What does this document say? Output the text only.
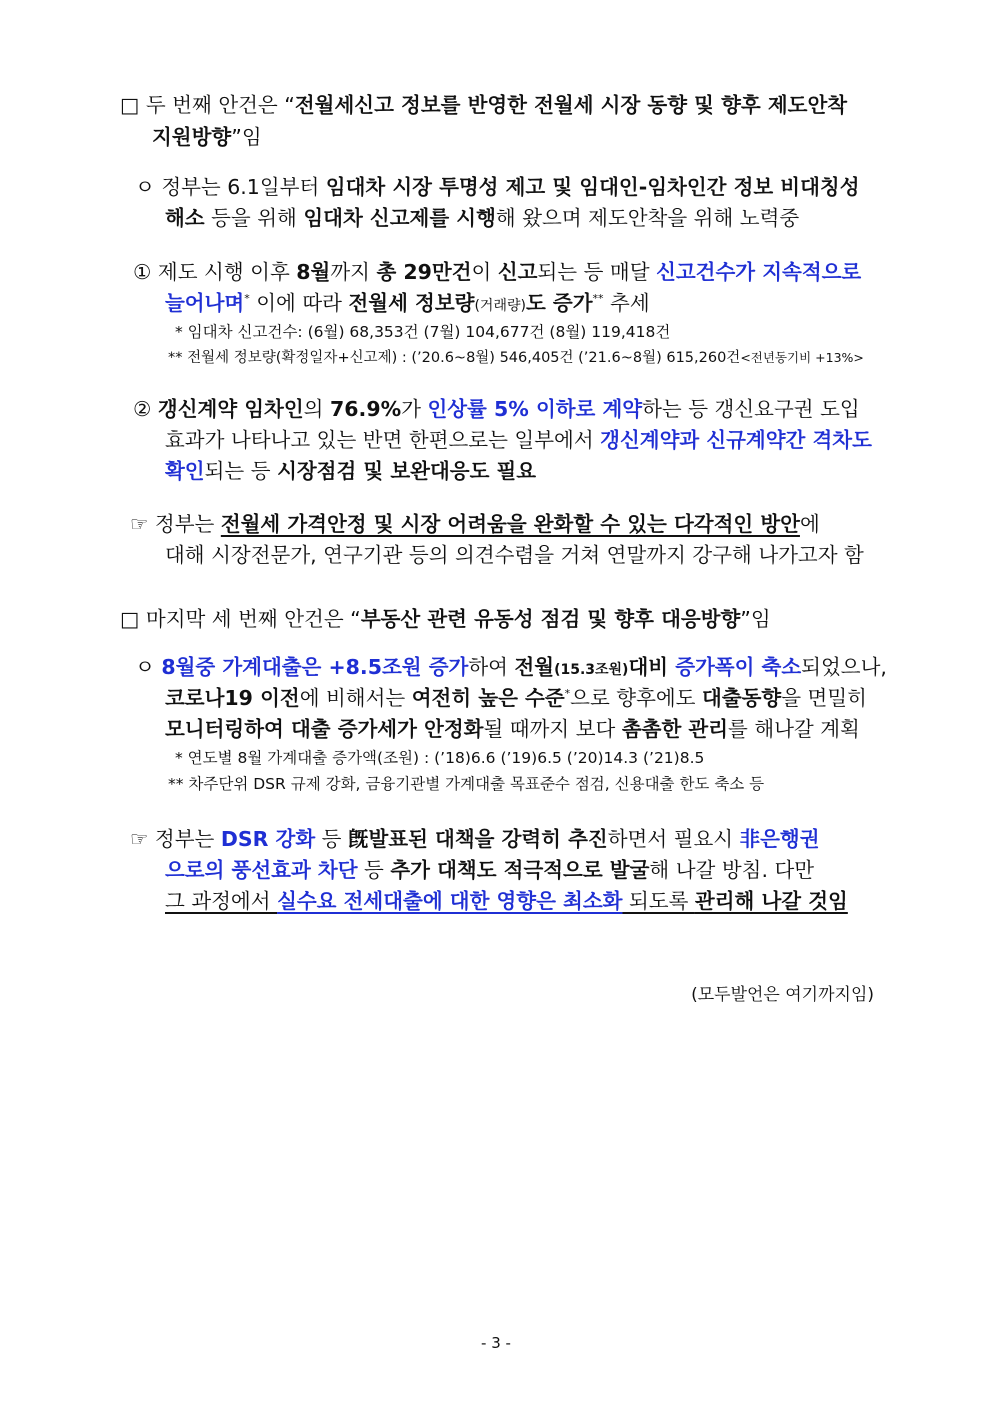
□ 두 번째 안건은 “전월세신고 정보를 반영한 전월세 시장 동향 및 향후 제도안착
지원방향”임
ㅇ 정부는 6.1일부터 임대차 시장 투명성 제고 및 임대인-임차인간 정보 비대칭성
해소 등을 위해 임대차 신고제를 시행해 왔으며 제도안착을 위해 노력중
① 제도 시행 이후 8월까지 총 29만건이 신고되는 등 매달 신고건수가 지속적으로
늘어나며* 이에 따라 전월세 정보량(거래량)도 증가** 추세
* 임대차 신고건수: (6월) 68,353건 (7월) 104,677건 (8월) 119,418건
** 전월세 정보량(확정일자+신고제) : (’20.6~8월) 546,405건 (’21.6~8월) 615,260건<전년동기비 +13%>
② 갱신계약 임차인의 76.9%가 인상률 5% 이하로 계약하는 등 갱신요구권 도입
효과가 나타나고 있는 반면 한편으로는 일부에서 갱신계약과 신규계약간 격차도
확인되는 등 시장점검 및 보완대응도 필요
☞ 정부는 전월세 가격안정 및 시장 어려움을 완화할 수 있는 다각적인 방안에
대해 시장전문가, 연구기관 등의 의견수렴을 거쳐 연말까지 강구해 나가고자 함
□ 마지막 세 번째 안건은 “부동산 관련 유동성 점검 및 향후 대응방향”임
ㅇ 8월중 가계대출은 +8.5조원 증가하여 전월(15.3조원)대비 증가폭이 축소되었으나,
코로나19 이전에 비해서는 여전히 높은 수준*으로 향후에도 대출동향을 면밀히
모니터링하여 대출 증가세가 안정화될 때까지 보다 촘촘한 관리를 해나갈 계획
* 연도별 8월 가계대출 증가액(조원) : (’18)6.6 (’19)6.5 (’20)14.3 (’21)8.5
** 차주단위 DSR 규제 강화, 금융기관별 가계대출 목표준수 점검, 신용대출 한도 축소 등
☞ 정부는 DSR 강화 등 旣발표된 대책을 강력히 추진하면서 필요시 非은행권
으로의 풍선효과 차단 등 추가 대책도 적극적으로 발굴해 나갈 방침. 다만
그 과정에서 실수요 전세대출에 대한 영향은 최소화 되도록 관리해 나갈 것임
(모두발언은 여기까지임)
- 3 -
